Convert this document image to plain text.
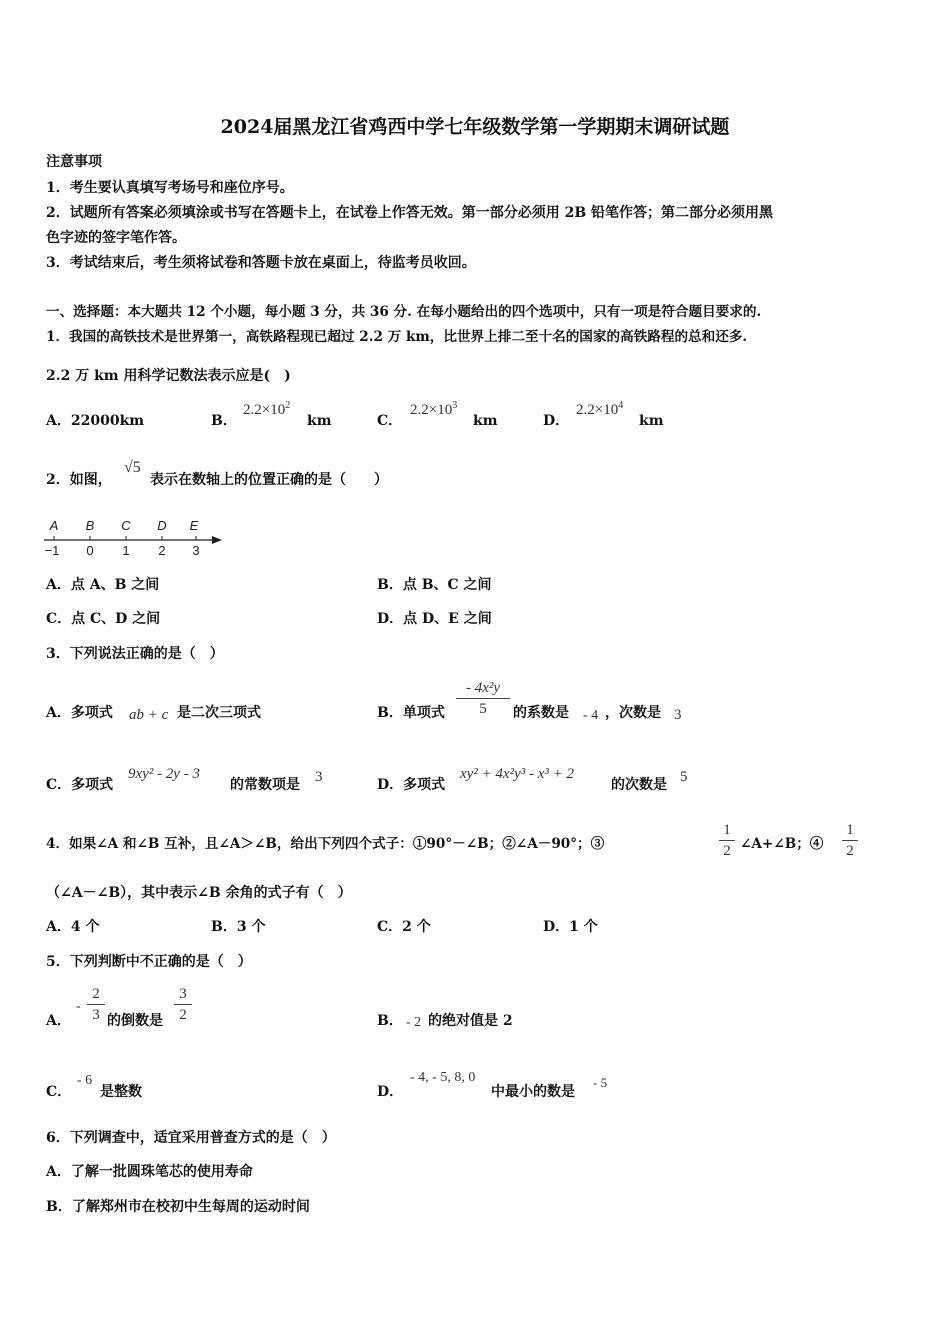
2024届黑龙江省鸡西中学七年级数学第一学期期末调研试题
注意事项
1．考生要认真填写考场号和座位序号。
2．试题所有答案必须填涂或书写在答题卡上，在试卷上作答无效。第一部分必须用 2B 铅笔作答；第二部分必须用黑
色字迹的签字笔作答。
3．考试结束后，考生须将试卷和答题卡放在桌面上，待监考员收回。
一、选择题：本大题共 12 个小题，每小题 3 分，共 36 分. 在每小题给出的四个选项中，只有一项是符合题目要求的.
1．我国的高铁技术是世界第一，高铁路程现已超过 2.2 万 km，比世界上排二至十名的国家的高铁路程的总和还多.
2.2 万 km 用科学记数法表示应是(　)
A．22000km	B．
$2.2\times 10^2$
km	C．
$2.2\times 10^3$
km	D．
$2.2\times 10^4$
km
2．如图，
√5
表示在数轴上的位置正确的是（　　）
A B C D E
−1 0 1 2 3
A．点 A、B 之间	B．点 B、C 之间
C．点 C、D 之间	D．点 D、E 之间
3．下列说法正确的是（　）
A．多项式 ab + c 是二次三项式	B．单项式 $\frac{\text{- 4x²y}}{5}$ 的系数是 - 4 ，次数是 3
C．多项式
9xy² - 2y - 3
的常数项是 3	D．多项式
xy² + 4x²y³ - x³ + 2
的次数是 5
4．如果∠A 和∠B 互补，且∠A＞∠B，给出下列四个式子：①90°－∠B；②∠A－90°；③	$\frac{1}{2}$ ∠A+∠B；④ $\frac{1}{2}$
（∠A－∠B），其中表示∠B 余角的式子有（　）
A．4 个	B．3 个	C．2 个	D．1 个
5．下列判断中不正确的是（　）
A．
- $\frac{2}{3}$ 的倒数是 $\frac{3}{2}$	B． - 2 的绝对值是 2
C．
- 6
是整数	D．
- 4, - 5, 8, 0
中最小的数是
- 5
6．下列调查中，适宜采用普查方式的是（　）
A．了解一批圆珠笔芯的使用寿命
B．了解郑州市在校初中生每周的运动时间
